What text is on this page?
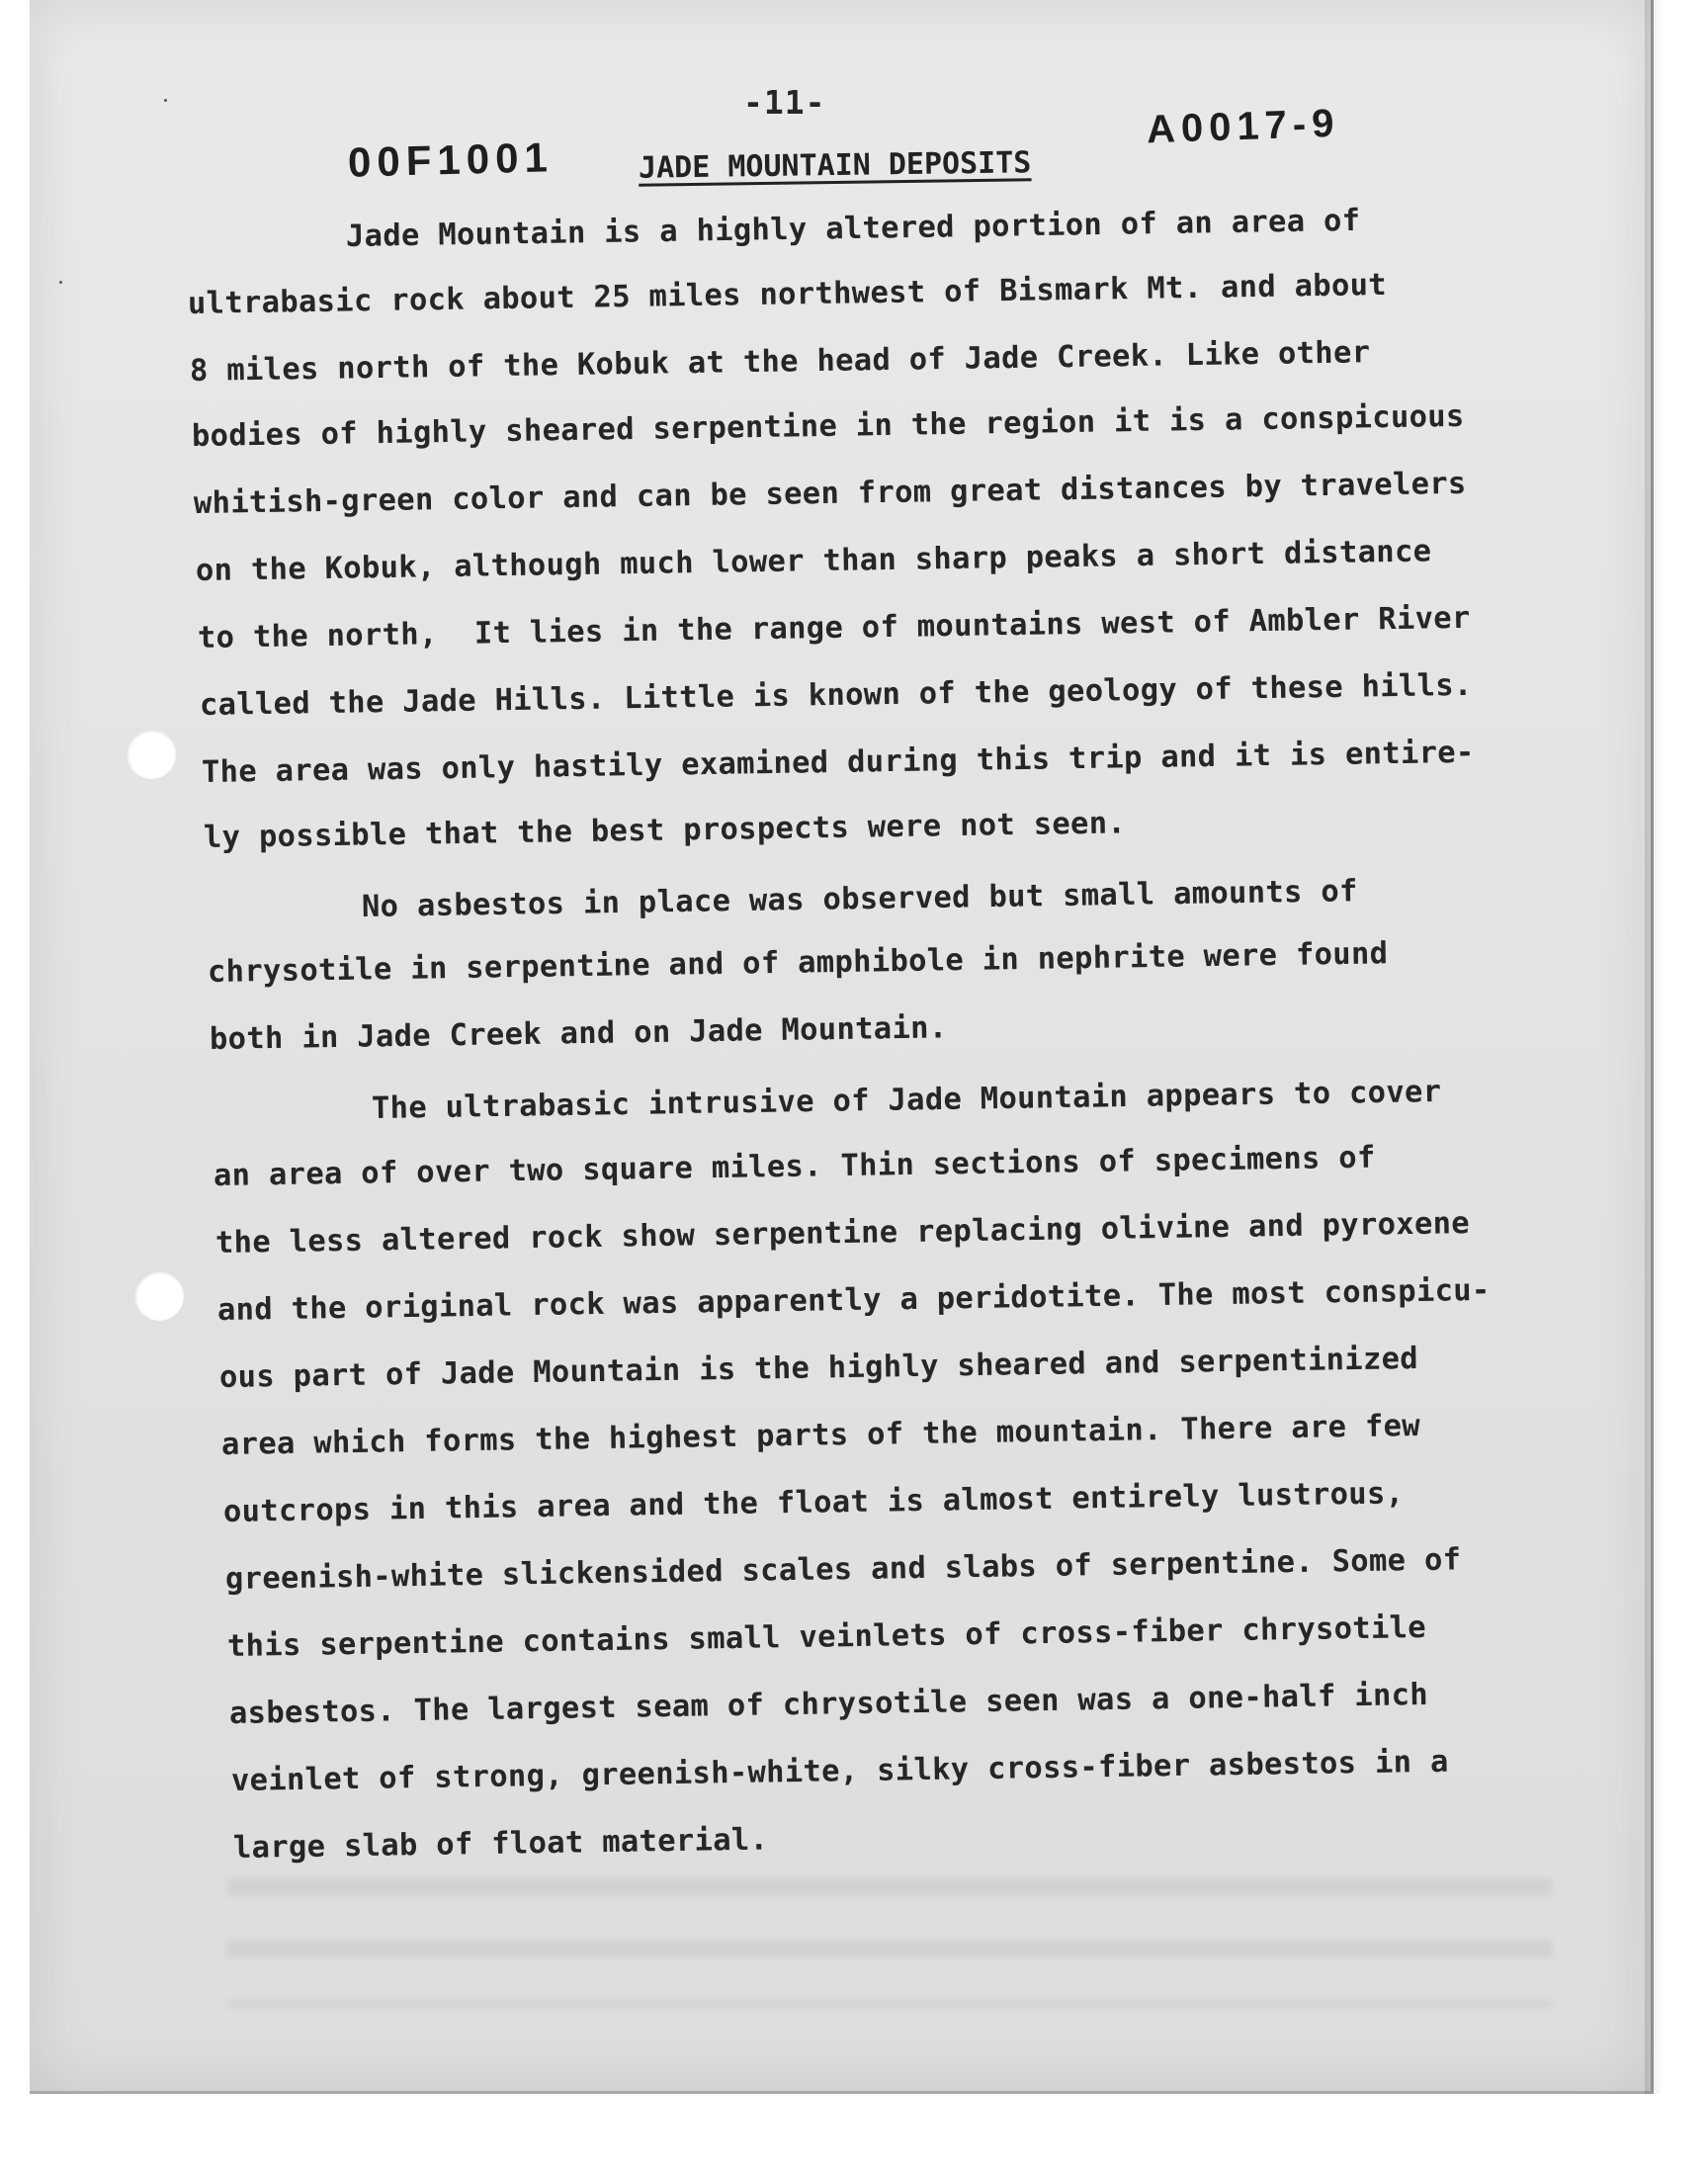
-11-
00F1001
A0017-9
JADE MOUNTAIN DEPOSITS
Jade Mountain is a highly altered portion of an area of
ultrabasic rock about 25 miles northwest of Bismark Mt. and about
8 miles north of the Kobuk at the head of Jade Creek. Like other
bodies of highly sheared serpentine in the region it is a conspicuous
whitish-green color and can be seen from great distances by travelers
on the Kobuk, although much lower than sharp peaks a short distance
to the north,  It lies in the range of mountains west of Ambler River
called the Jade Hills. Little is known of the geology of these hills.
The area was only hastily examined during this trip and it is entire-
ly possible that the best prospects were not seen.
No asbestos in place was observed but small amounts of
chrysotile in serpentine and of amphibole in nephrite were found
both in Jade Creek and on Jade Mountain.
The ultrabasic intrusive of Jade Mountain appears to cover
an area of over two square miles. Thin sections of specimens of
the less altered rock show serpentine replacing olivine and pyroxene
and the original rock was apparently a peridotite. The most conspicu-
ous part of Jade Mountain is the highly sheared and serpentinized
area which forms the highest parts of the mountain. There are few
outcrops in this area and the float is almost entirely lustrous,
greenish-white slickensided scales and slabs of serpentine. Some of
this serpentine contains small veinlets of cross-fiber chrysotile
asbestos. The largest seam of chrysotile seen was a one-half inch
veinlet of strong, greenish-white, silky cross-fiber asbestos in a
large slab of float material.
